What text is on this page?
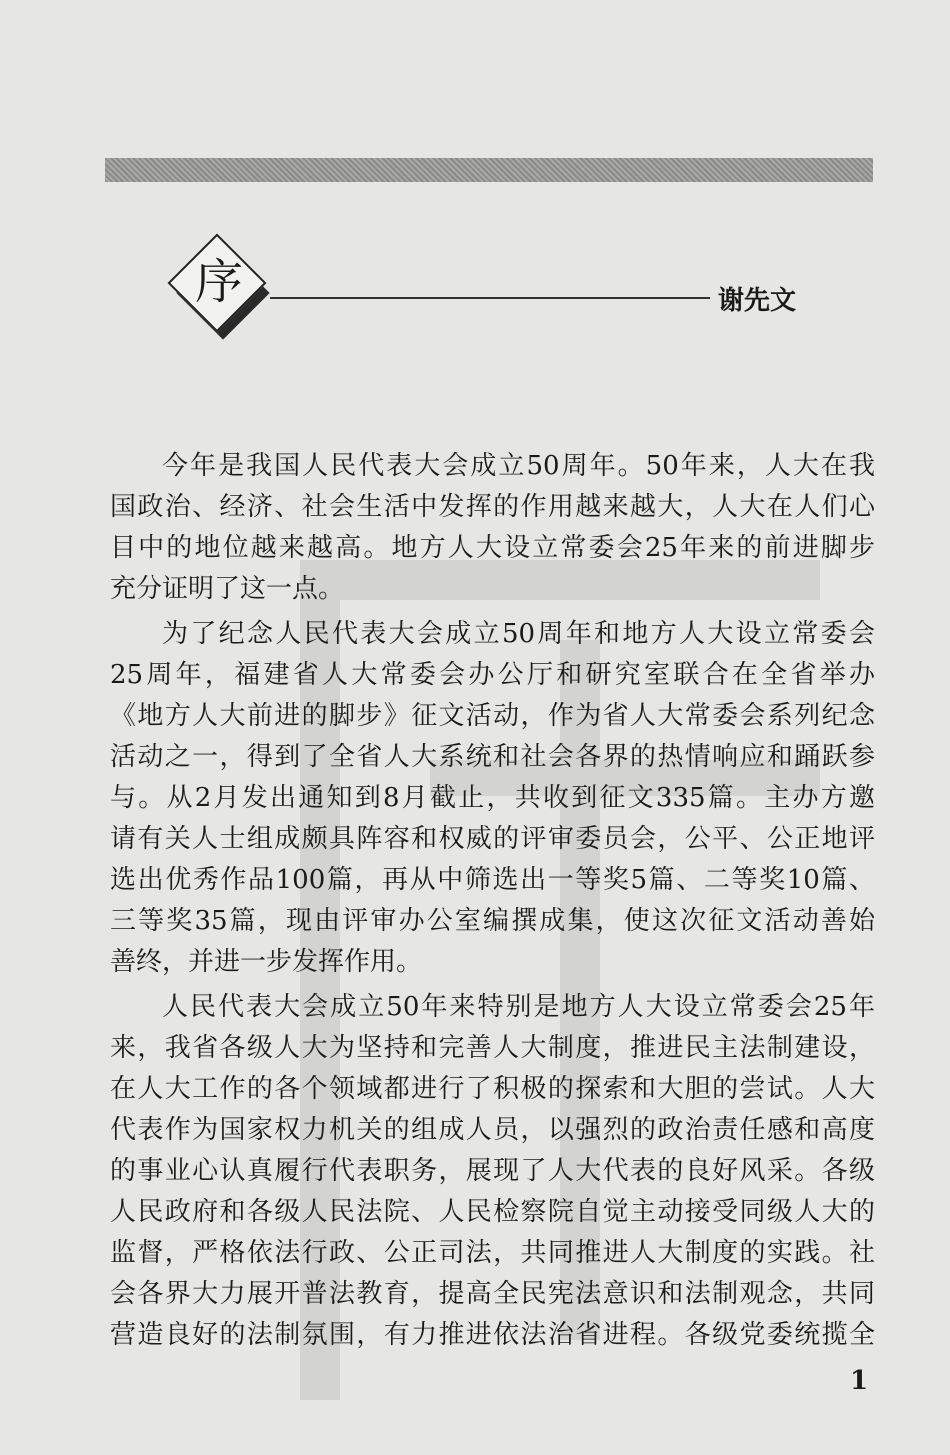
序	谢先文
今年是我国人民代表大会成立50周年。50年来，人大在我
国政治、经济、社会生活中发挥的作用越来越大，人大在人们心
目中的地位越来越高。地方人大设立常委会25年来的前进脚步
充分证明了这一点。
为了纪念人民代表大会成立50周年和地方人大设立常委会
25周年，福建省人大常委会办公厅和研究室联合在全省举办
《地方人大前进的脚步》征文活动，作为省人大常委会系列纪念
活动之一，得到了全省人大系统和社会各界的热情响应和踊跃参
与。从2月发出通知到8月截止，共收到征文335篇。主办方邀
请有关人士组成颇具阵容和权威的评审委员会，公平、公正地评
选出优秀作品100篇，再从中筛选出一等奖5篇、二等奖10篇、
三等奖35篇，现由评审办公室编撰成集，使这次征文活动善始
善终，并进一步发挥作用。
人民代表大会成立50年来特别是地方人大设立常委会25年
来，我省各级人大为坚持和完善人大制度，推进民主法制建设，
在人大工作的各个领域都进行了积极的探索和大胆的尝试。人大
代表作为国家权力机关的组成人员，以强烈的政治责任感和高度
的事业心认真履行代表职务，展现了人大代表的良好风采。各级
人民政府和各级人民法院、人民检察院自觉主动接受同级人大的
监督，严格依法行政、公正司法，共同推进人大制度的实践。社
会各界大力展开普法教育，提高全民宪法意识和法制观念，共同
营造良好的法制氛围，有力推进依法治省进程。各级党委统揽全
1
